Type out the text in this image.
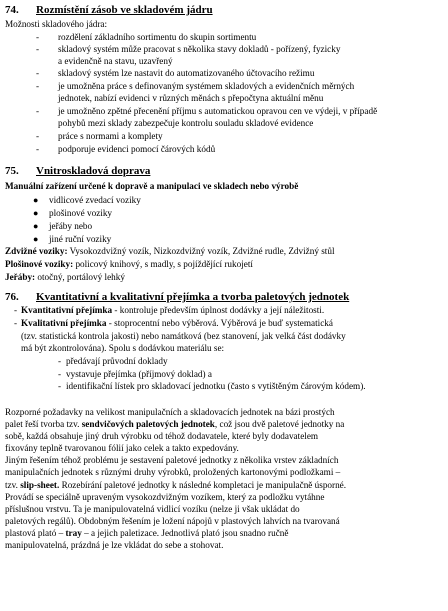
74. Rozmístění zásob ve skladovém jádru
Možnosti skladového jádra:
- rozdělení základního sortimentu do skupin sortimentu
- skladový systém může pracovat s několika stavy dokladů - pořízený, fyzicky
a evidenčně na stavu, uzavřený
- skladový systém lze nastavit do automatizovaného účtovacího režimu
- je umožněna práce s definovaným systémem skladových a evidenčních měrných
jednotek, nabízí evidenci v různých měnách s přepočtyna aktuální měnu
- je umožněno zpětné přecenění příjmu s automatickou opravou cen ve výdeji, v případě
pohybů mezi sklady zabezpečuje kontrolu souladu skladové evidence
- práce s normami a komplety
- podporuje evidenci pomocí čárových kódů
75. Vnitroskladová doprava
Manuální zařízení určené k dopravě a manipulaci ve skladech nebo výrobě
● vidlicové zvedací voziky
● plošinové voziky
● jeřáby nebo
● jiné ruční voziky
Zdvižné voziky: Vysokozdvižný vozík, Nizkozdvižný vozík, Zdvižné rudle, Zdvižný stůl
Plošinové voziky: policový knihový, s madly, s pojíždějící rukojetí
Jeřáby: otočný, portálový lehký
76. Kvantitativní a kvalitativní přejímka a tvorba paletových jednotek
- Kvantitativní přejímka - kontroluje především úplnost dodávky a její náležitosti.
- Kvalitativní přejímka - stoprocentní nebo výběrová. Výběrová je buď systematická
(tzv. statistická kontrola jakosti) nebo namátková (bez stanovení, jak velká část dodávky
má být zkontrolována). Spolu s dodávkou materiálu se:
- předávají průvodní doklady
- vystavuje přejímka (příjmový doklad) a
- identifikační lístek pro skladovací jednotku (často s vytištěným čárovým kódem).
Rozporné požadavky na velikost manipulačních a skladovacích jednotek na bázi prostých
palet řeší tvorba tzv. sendvičových paletových jednotek, což jsou dvě paletové jednotky na
sobě, každá obsahuje jiný druh výrobku od téhož dodavatele, které byly dodavatelem
fixovány teplně tvarovanou fólií jako celek a takto expedovány.
Jiným řešením téhož problému je sestavení paletové jednotky z několika vrstev základních
manipulačních jednotek s různými druhy výrobků, proložených kartonovými podložkami –
tzv. slip-sheet. Rozebírání paletové jednotky k následné kompletaci je manipulačně úsporné.
Provádí se speciálně upraveným vysokozdvižným vozíkem, který za podložku vytáhne
příslušnou vrstvu. Ta je manipulovatelná vidlicí vozíku (nelze ji však ukládat do
paletových regálů). Obdobným řešením je ložení nápojů v plastových lahvích na tvarovaná
plastová plató – tray – a jejich paletizace. Jednotlivá plató jsou snadno ručně
manipulovatelná, prázdná je lze vkládat do sebe a stohovat.
